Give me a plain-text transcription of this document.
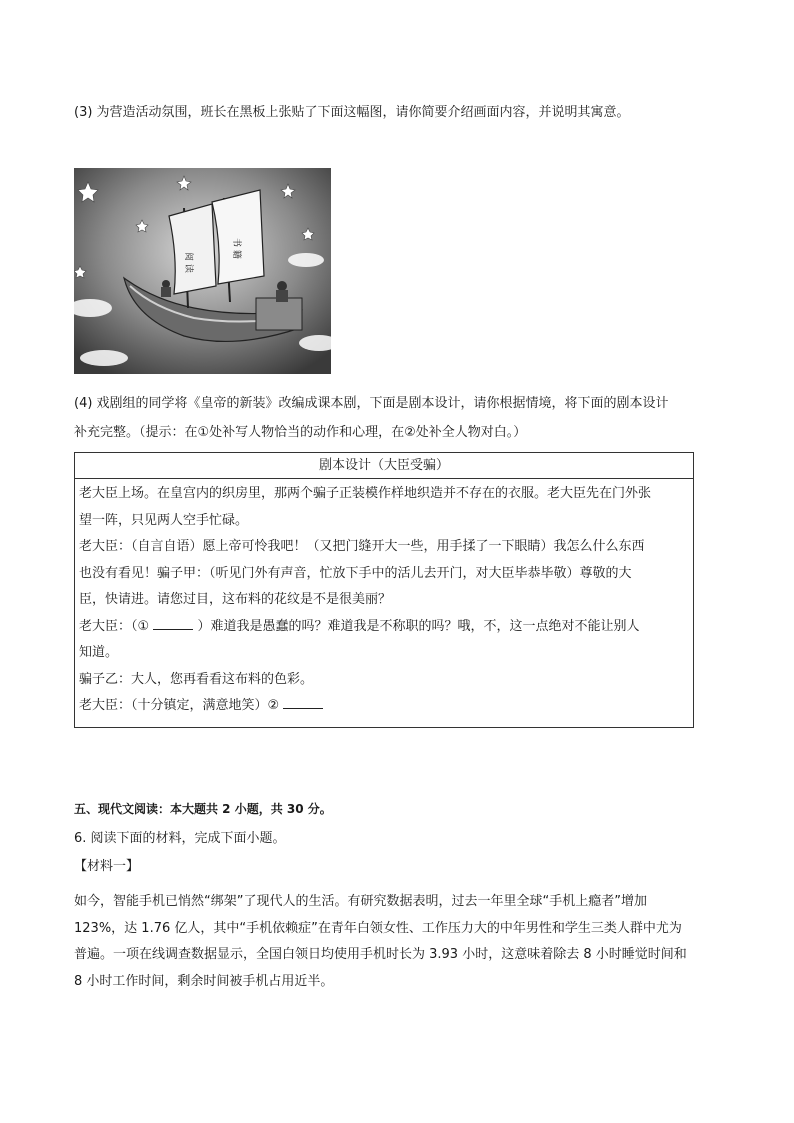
(3) 为营造活动氛围，班长在黑板上张贴了下面这幅图，请你简要介绍画面内容，并说明其寓意。
阅 读
书 籍
(4) 戏剧组的同学将《皇帝的新装》改编成课本剧，下面是剧本设计，请你根据情境，将下面的剧本设计
补充完整。（提示：在①处补写人物恰当的动作和心理，在②处补全人物对白。）
剧本设计（大臣受骗）

老大臣上场。在皇宫内的织房里，那两个骗子正装模作样地织造并不存在的衣服。老大臣先在门外张

望一阵，只见两人空手忙碌。

老大臣：（自言自语）愿上帝可怜我吧！（又把门缝开大一些，用手揉了一下眼睛）我怎么什么东西

也没有看见！骗子甲：（听见门外有声音，忙放下手中的活儿去开门，对大臣毕恭毕敬）尊敬的大

臣，快请进。请您过目，这布料的花纹是不是很美丽？

老大臣：（①	）难道我是愚蠢的吗？难道我是不称职的吗？哦，不，这一点绝对不能让别人

知道。

骗子乙：大人，您再看看这布料的色彩。

老大臣：（十分镇定，满意地笑）②

五、现代文阅读：本大题共 2 小题，共 30 分。
6. 阅读下面的材料，完成下面小题。
【材料一】

如今，智能手机已悄然“绑架”了现代人的生活。有研究数据表明，过去一年里全球“手机上瘾者”增加

123%，达 1.76 亿人，其中“手机依赖症”在青年白领女性、工作压力大的中年男性和学生三类人群中尤为

普遍。一项在线调查数据显示，全国白领日均使用手机时长为 3.93 小时，这意味着除去 8 小时睡觉时间和

8 小时工作时间，剩余时间被手机占用近半。
